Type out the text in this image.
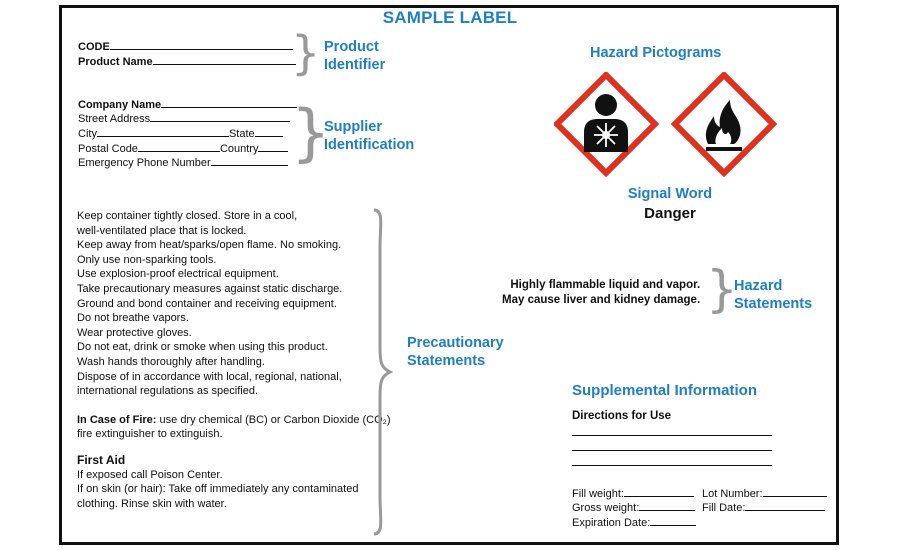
SAMPLE LABEL
CODE
Product Name	} Product
Identifier
Company Name
Street Address
City	State
Postal Code	Country
Emergency Phone Number	}
Supplier
Identification
Hazard Pictograms
Signal Word
Danger
Highly flammable liquid and vapor.
May cause liver and kidney damage. }
Hazard
Statements

Keep container tightly closed. Store in a cool,

well-ventilated place that is locked.

Keep away from heat/sparks/open flame. No smoking.

Only use non-sparking tools.

Use explosion-proof electrical equipment.

Take precautionary measures against static discharge.

Ground and bond container and receiving equipment.

Do not breathe vapors.

Wear protective gloves.

Do not eat, drink or smoke when using this product.

Wash hands thoroughly after handling.

Dispose of in accordance with local, regional, national,

international regulations as specified.

In Case of Fire: use dry chemical (BC) or Carbon Dioxide (CO₂)

fire extinguisher to extinguish.

First Aid

If exposed call Poison Center.

If on skin (or hair): Take off immediately any contaminated

clothing. Rinse skin with water.

Precautionary
Statements
Supplemental Information
Directions for Use
Fill weight:	Lot Number:
Gross weight:	Fill Date:
Expiration Date:
